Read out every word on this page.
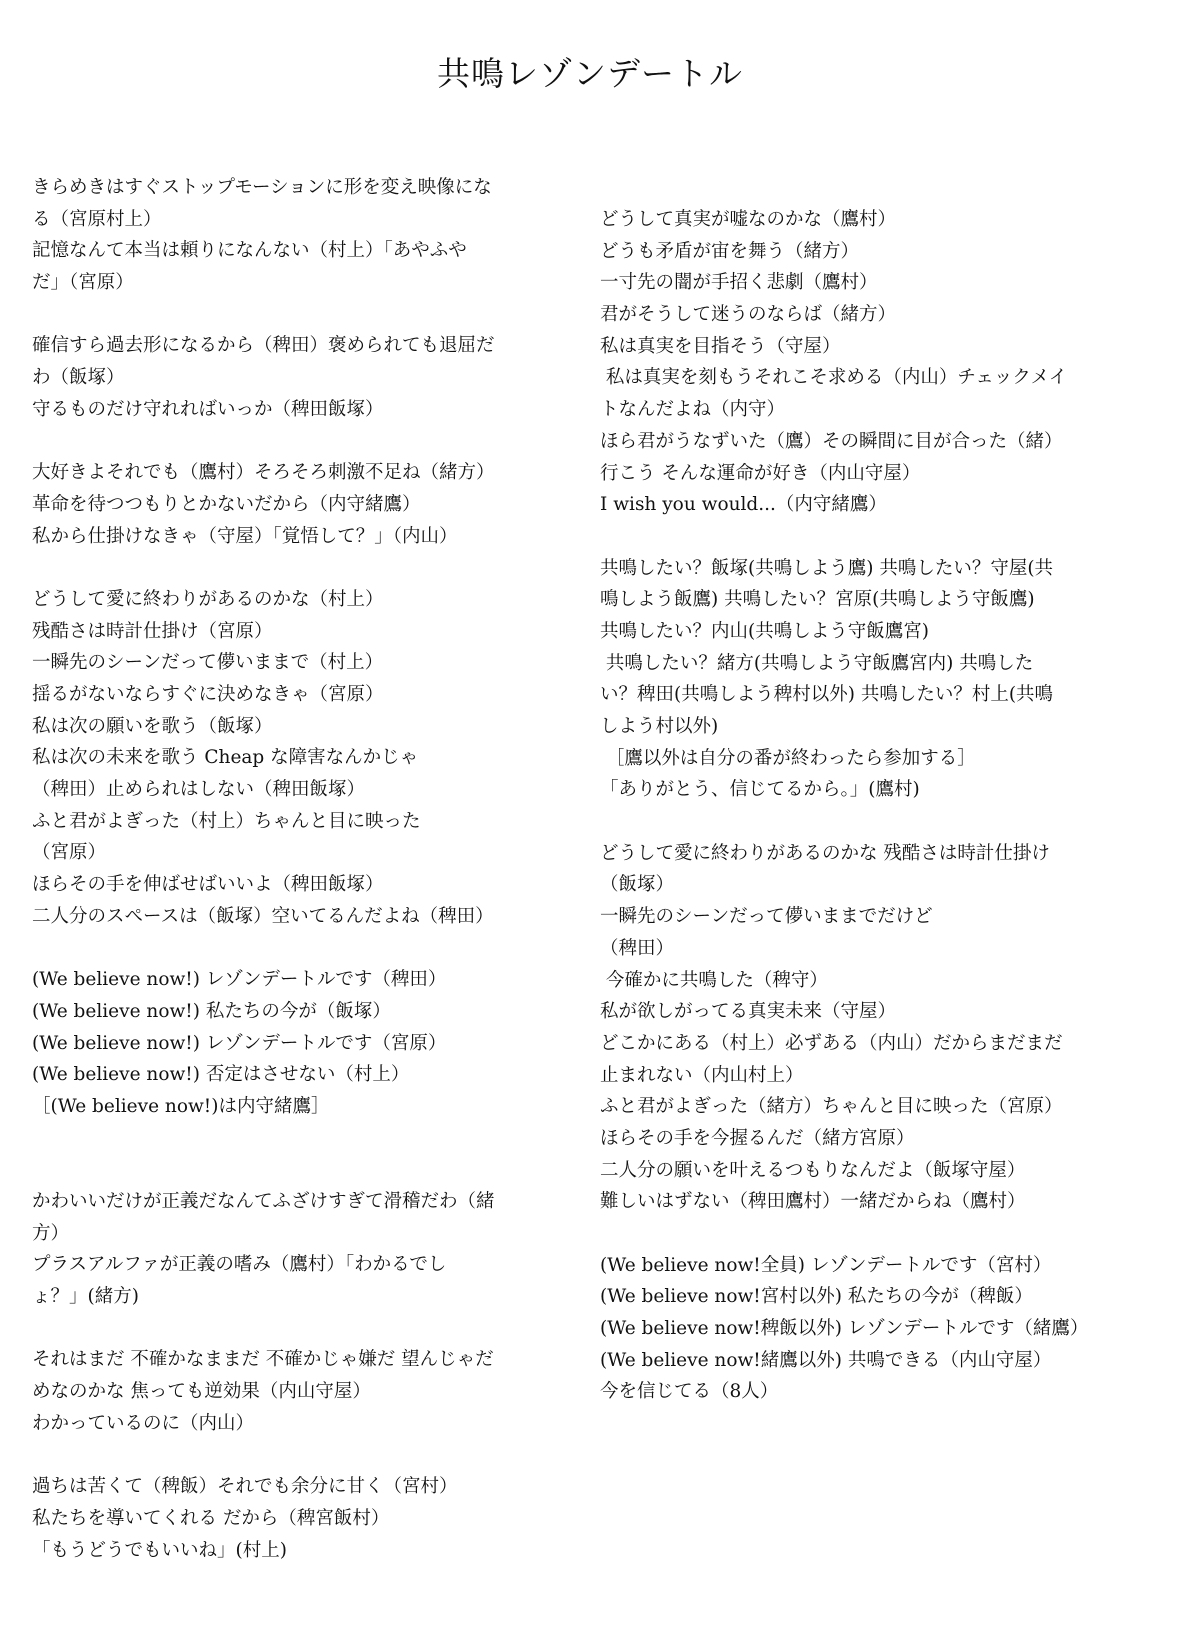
共鳴レゾンデートル
きらめきはすぐストップモーションに形を変え映像にな
る（宮原村上）
記憶なんて本当は頼りになんない（村上）「あやふや
だ」（宮原）
確信すら過去形になるから（稗田）褒められても退屈だ
わ（飯塚）
守るものだけ守れればいっか（稗田飯塚）
大好きよそれでも（鷹村）そろそろ刺激不足ね（緒方）
革命を待つつもりとかないだから（内守緒鷹）
私から仕掛けなきゃ（守屋）「覚悟して？」（内山）
どうして愛に終わりがあるのかな（村上）
残酷さは時計仕掛け（宮原）
一瞬先のシーンだって儚いままで（村上）
揺るがないならすぐに決めなきゃ（宮原）
私は次の願いを歌う（飯塚）
私は次の未来を歌う Cheap な障害なんかじゃ
（稗田）止められはしない（稗田飯塚）
ふと君がよぎった（村上）ちゃんと目に映った
（宮原）
ほらその手を伸ばせばいいよ（稗田飯塚）
二人分のスペースは（飯塚）空いてるんだよね（稗田）
(We believe now!) レゾンデートルです（稗田）
(We believe now!) 私たちの今が（飯塚）
(We believe now!) レゾンデートルです（宮原）
(We believe now!) 否定はさせない（村上）
［(We believe now!)は内守緒鷹］
かわいいだけが正義だなんてふざけすぎて滑稽だわ（緒
方）
プラスアルファが正義の嗜み（鷹村）「わかるでし
ょ？」(緒方)
それはまだ 不確かなままだ 不確かじゃ嫌だ 望んじゃだ
めなのかな 焦っても逆効果（内山守屋）
わかっているのに（内山）
過ちは苦くて（稗飯）それでも余分に甘く（宮村）
私たちを導いてくれる だから（稗宮飯村）
「もうどうでもいいね」(村上)
どうして真実が嘘なのかな（鷹村）
どうも矛盾が宙を舞う（緒方）
一寸先の闇が手招く悲劇（鷹村）
君がそうして迷うのならば（緒方）
私は真実を目指そう（守屋）
私は真実を刻もうそれこそ求める（内山）チェックメイ
トなんだよね（内守）
ほら君がうなずいた（鷹）その瞬間に目が合った（緒）
行こう そんな運命が好き（内山守屋）
I wish you would...（内守緒鷹）
共鳴したい？飯塚(共鳴しよう鷹) 共鳴したい？守屋(共
鳴しよう飯鷹) 共鳴したい？宮原(共鳴しよう守飯鷹)
共鳴したい？内山(共鳴しよう守飯鷹宮)
共鳴したい？緒方(共鳴しよう守飯鷹宮内) 共鳴した
い？稗田(共鳴しよう稗村以外) 共鳴したい？村上(共鳴
しよう村以外)
［鷹以外は自分の番が終わったら参加する］
「ありがとう、信じてるから。」(鷹村)
どうして愛に終わりがあるのかな 残酷さは時計仕掛け
（飯塚）
一瞬先のシーンだって儚いままでだけど
（稗田）
今確かに共鳴した（稗守）
私が欲しがってる真実未来（守屋）
どこかにある（村上）必ずある（内山）だからまだまだ
止まれない（内山村上）
ふと君がよぎった（緒方）ちゃんと目に映った（宮原）
ほらその手を今握るんだ（緒方宮原）
二人分の願いを叶えるつもりなんだよ（飯塚守屋）
難しいはずない（稗田鷹村）一緒だからね（鷹村）
(We believe now!全員) レゾンデートルです（宮村）
(We believe now!宮村以外) 私たちの今が（稗飯）
(We believe now!稗飯以外) レゾンデートルです（緒鷹）
(We believe now!緒鷹以外) 共鳴できる（内山守屋）
今を信じてる（8人）
